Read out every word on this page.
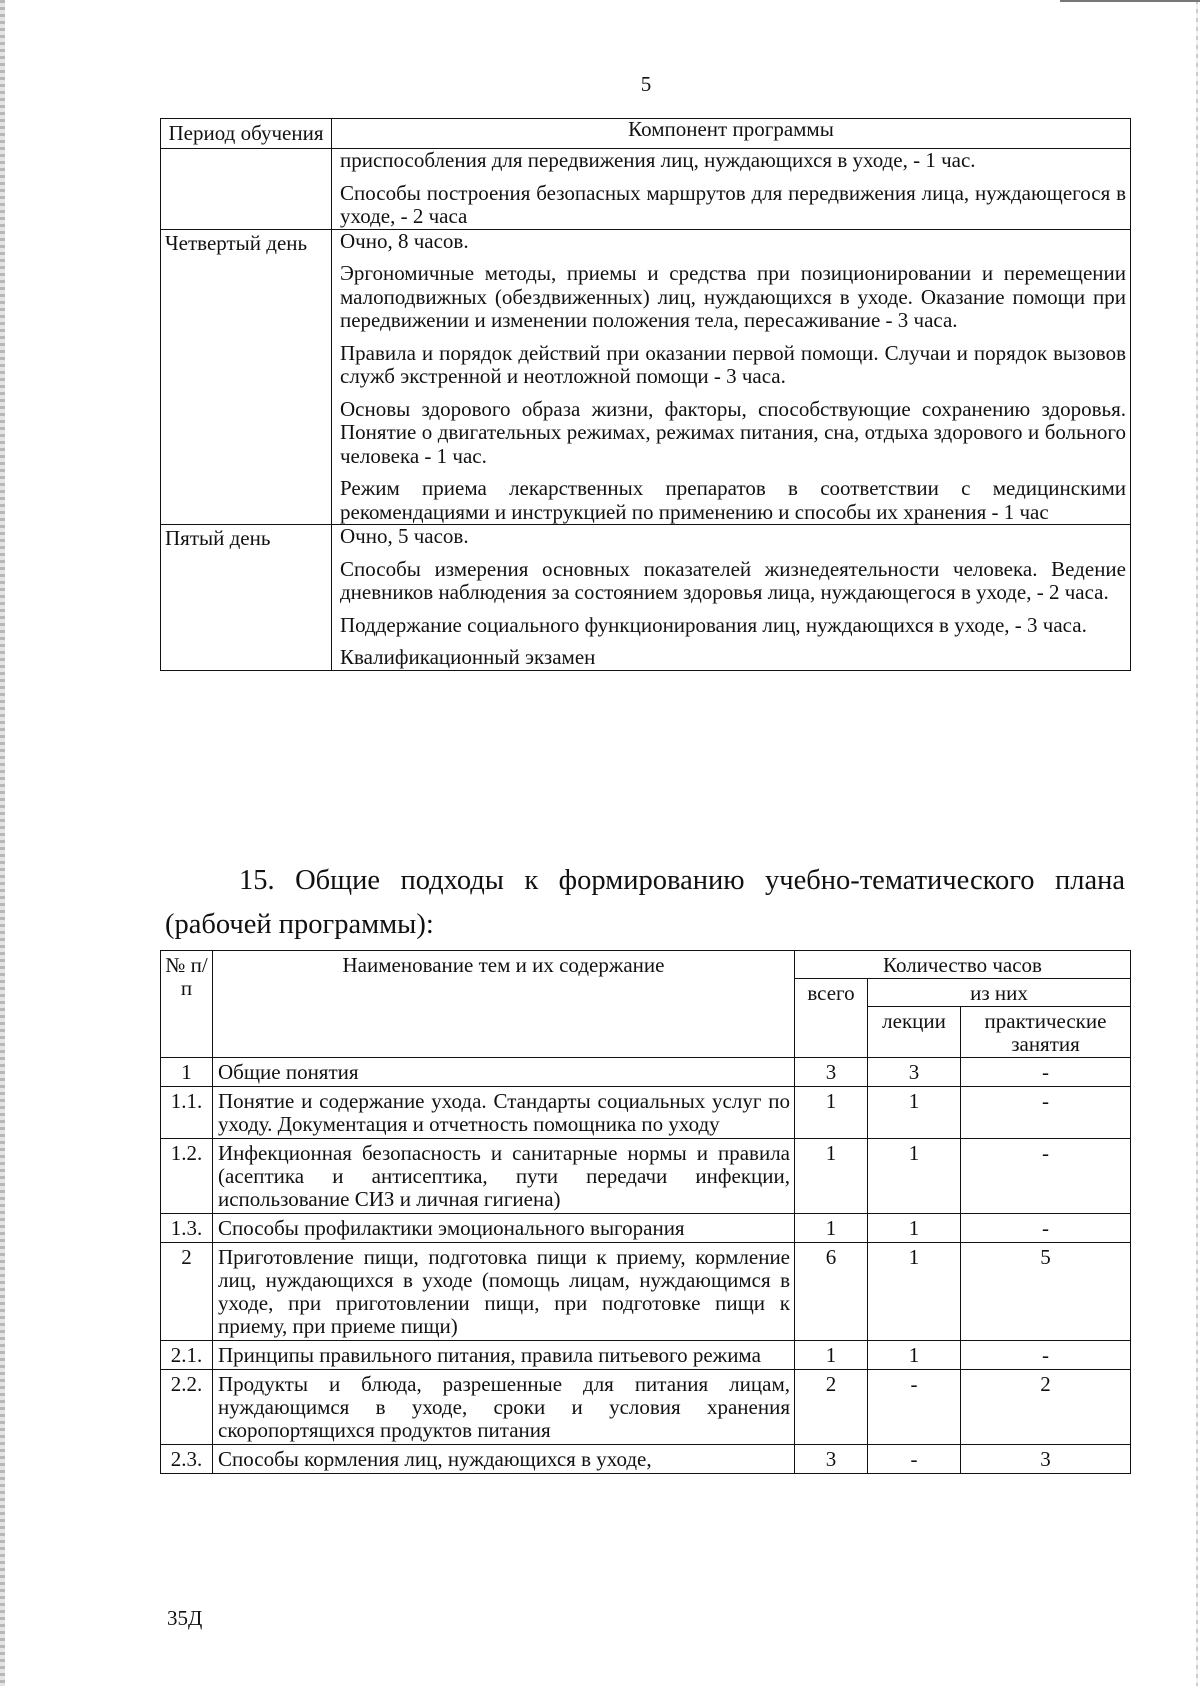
5
Период обучения	Компонент программы

	приспособления для передвижения лиц, нуждающихся в уходе, - 1 час.
Способы построения безопасных маршрутов для передвижения лица, нуждающегося в уходе, - 2 часа

Четвертый день	Очно, 8 часов.
Эргономичные методы, приемы и средства при позиционировании и перемещении малоподвижных (обездвиженных) лиц, нуждающихся в уходе. Оказание помощи при передвижении и изменении положения тела, пересаживание - 3 часа.
Правила и порядок действий при оказании первой помощи. Случаи и порядок вызовов служб экстренной и неотложной помощи - 3 часа.
Основы здорового образа жизни, факторы, способствующие сохранению здоровья. Понятие о двигательных режимах, режимах питания, сна, отдыха здорового и больного человека - 1 час.
Режим приема лекарственных препаратов в соответствии с медицинскими рекомендациями и инструкцией по применению и способы их хранения - 1 час

Пятый день	Очно, 5 часов.
Способы измерения основных показателей жизнедеятельности человека. Ведение дневников наблюдения за состоянием здоровья лица, нуждающегося в уходе, - 2 часа.
Поддержание социального функционирования лиц, нуждающихся в уходе, - 3 часа.
Квалификационный экзамен
15. Общие подходы к формированию учебно-тематического плана
(рабочей программы):
№ п/п	Наименование тем и их содержание	Количество часов		
		всего	из них	
			лекции	практические занятия
1	Общие понятия	3	3	-
1.1.	Понятие и содержание ухода. Стандарты социальных услуг по уходу. Документация и отчетность помощника по уходу	1	1	-
1.2.	Инфекционная безопасность и санитарные нормы и правила (асептика и антисептика, пути передачи инфекции, использование СИЗ и личная гигиена)	1	1	-
1.3.	Способы профилактики эмоционального выгорания	1	1	-
2	Приготовление пищи, подготовка пищи к приему, кормление лиц, нуждающихся в уходе (помощь лицам, нуждающимся в уходе, при приготовлении пищи, при подготовке пищи к приему, при приеме пищи)	6	1	5
2.1.	Принципы правильного питания, правила питьевого режима	1	1	-
2.2.	Продукты и блюда, разрешенные для питания лицам, нуждающимся в уходе, сроки и условия хранения скоропортящихся продуктов питания	2	-	2
2.3.	Способы кормления лиц, нуждающихся в уходе,	3	-	3
35Д
